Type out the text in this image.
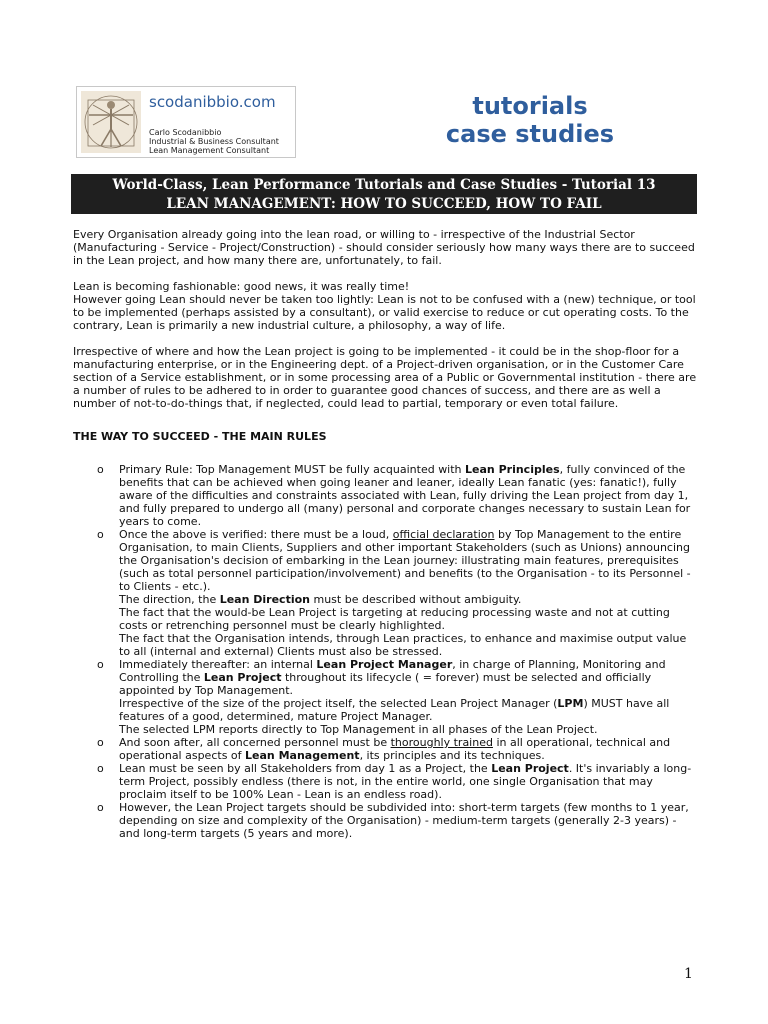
scodanibbio.com
Carlo Scodanibbio
Industrial & Business Consultant
Lean Management Consultant
tutorials
case studies
World-Class, Lean Performance Tutorials and Case Studies - Tutorial 13
LEAN MANAGEMENT: HOW TO SUCCEED, HOW TO FAIL

Every Organisation already going into the lean road, or willing to - irrespective of the Industrial Sector (Manufacturing - Service - Project/Construction) - should consider seriously how many ways there are to succeed in the Lean project, and how many there are, unfortunately, to fail.

Lean is becoming fashionable: good news, it was really time!

However going Lean should never be taken too lightly: Lean is not to be confused with a (new) technique, or tool to be implemented (perhaps assisted by a consultant), or valid exercise to reduce or cut operating costs. To the contrary, Lean is primarily a new industrial culture, a philosophy, a way of life.

Irrespective of where and how the Lean project is going to be implemented - it could be in the shop-floor for a manufacturing enterprise, or in the Engineering dept. of a Project-driven organisation, or in the Customer Care section of a Service establishment, or in some processing area of a Public or Governmental institution - there are a number of rules to be adhered to in order to guarantee good chances of success, and there are as well a number of not-to-do-things that, if neglected, could lead to partial, temporary or even total failure.

THE WAY TO SUCCEED - THE MAIN RULES

o Primary Rule: Top Management MUST be fully acquainted with Lean Principles, fully convinced of the benefits that can be achieved when going leaner and leaner, ideally Lean fanatic (yes: fanatic!), fully aware of the difficulties and constraints associated with Lean, fully driving the Lean project from day 1, and fully prepared to undergo all (many) personal and corporate changes necessary to sustain Lean for years to come.
o Once the above is verified: there must be a loud, official declaration by Top Management to the entire Organisation, to main Clients, Suppliers and other important Stakeholders (such as Unions) announcing the Organisation's decision of embarking in the Lean journey: illustrating main features, prerequisites (such as total personnel participation/involvement) and benefits (to the Organisation - to its Personnel - to Clients - etc.).
The direction, the Lean Direction must be described without ambiguity.
The fact that the would-be Lean Project is targeting at reducing processing waste and not at cutting costs or retrenching personnel must be clearly highlighted.
The fact that the Organisation intends, through Lean practices, to enhance and maximise output value to all (internal and external) Clients must also be stressed.
o Immediately thereafter: an internal Lean Project Manager, in charge of Planning, Monitoring and Controlling the Lean Project throughout its lifecycle ( = forever) must be selected and officially appointed by Top Management.
Irrespective of the size of the project itself, the selected Lean Project Manager (LPM) MUST have all features of a good, determined, mature Project Manager.
The selected LPM reports directly to Top Management in all phases of the Lean Project.
o And soon after, all concerned personnel must be thoroughly trained in all operational, technical and operational aspects of Lean Management, its principles and its techniques.
o Lean must be seen by all Stakeholders from day 1 as a Project, the Lean Project. It's invariably a long-term Project, possibly endless (there is not, in the entire world, one single Organisation that may proclaim itself to be 100% Lean - Lean is an endless road).
o However, the Lean Project targets should be subdivided into: short-term targets (few months to 1 year, depending on size and complexity of the Organisation) - medium-term targets (generally 2-3 years) - and long-term targets (5 years and more).
1
